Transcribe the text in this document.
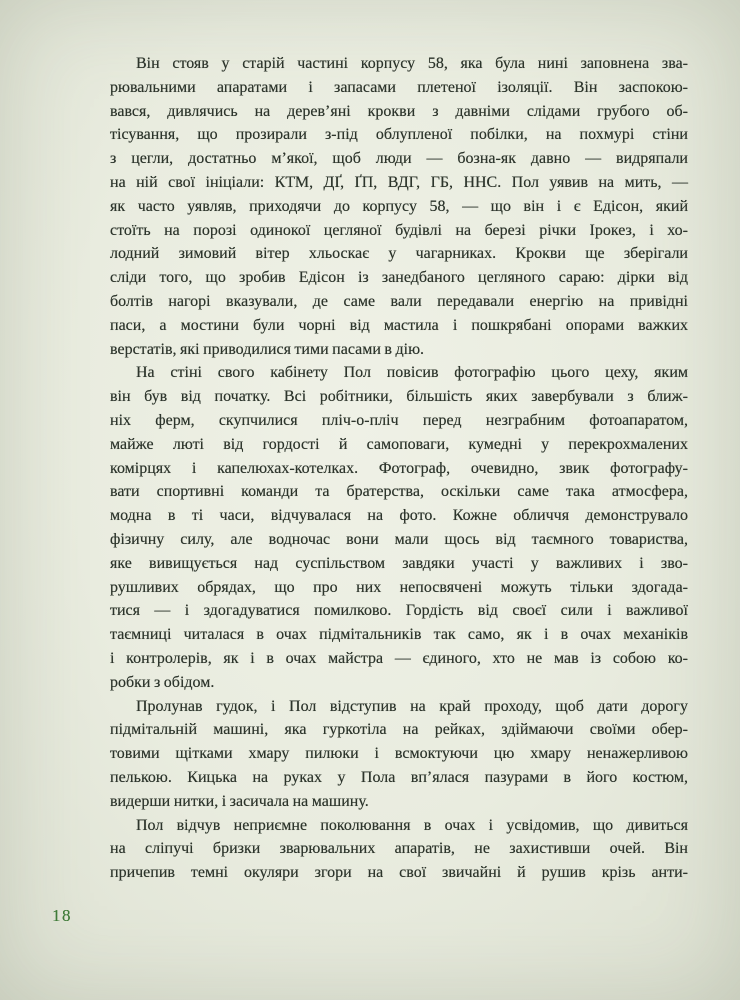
Він стояв у старій частині корпусу 58, яка була нині заповнена зва-
рювальними апаратами і запасами плетеної ізоляції. Він заспокою-
вався, дивлячись на дерев’яні крокви з давніми слідами грубого об-
тісування, що прозирали з-під облупленої побілки, на похмурі стіни
з цегли, достатньо м’якої, щоб люди — бозна-як давно — видряпали
на ній свої ініціали: КТМ, ДҐ, ҐП, ВДГ, ГБ, ННС. Пол уявив на мить, —
як часто уявляв, приходячи до корпусу 58, — що він і є Едісон, який
стоїть на порозі одинокої цегляної будівлі на березі річки Ірокез, і хо-
лодний зимовий вітер хльоскає у чагарниках. Крокви ще зберігали
сліди того, що зробив Едісон із занедбаного цегляного сараю: дірки від
болтів нагорі вказували, де саме вали передавали енергію на привідні
паси, а мостини були чорні від мастила і пошкрябані опорами важких
верстатів, які приводилися тими пасами в дію.
На стіні свого кабінету Пол повісив фотографію цього цеху, яким
він був від початку. Всі робітники, більшість яких завербували з ближ-
ніх ферм, скупчилися пліч-о-пліч перед незграбним фотоапаратом,
майже люті від гордості й самоповаги, кумедні у перекрохмалених
комірцях і капелюхах-котелках. Фотограф, очевидно, звик фотографу-
вати спортивні команди та братерства, оскільки саме така атмосфера,
модна в ті часи, відчувалася на фото. Кожне обличчя демонструвало
фізичну силу, але водночас вони мали щось від таємного товариства,
яке вивищується над суспільством завдяки участі у важливих і зво-
рушливих обрядах, що про них непосвячені можуть тільки здогада-
тися — і здогадуватися помилково. Гордість від своєї сили і важливої
таємниці читалася в очах підмітальників так само, як і в очах механіків
і контролерів, як і в очах майстра — єдиного, хто не мав із собою ко-
робки з обідом.
Пролунав гудок, і Пол відступив на край проходу, щоб дати дорогу
підмітальній машині, яка гуркотіла на рейках, здіймаючи своїми обер-
товими щітками хмару пилюки і всмоктуючи цю хмару ненажерливою
пелькою. Кицька на руках у Пола вп’ялася пазурами в його костюм,
видерши нитки, і засичала на машину.
Пол відчув неприємне поколювання в очах і усвідомив, що дивиться
на сліпучі бризки зварювальних апаратів, не захистивши очей. Він
причепив темні окуляри згори на свої звичайні й рушив крізь анти-
18
